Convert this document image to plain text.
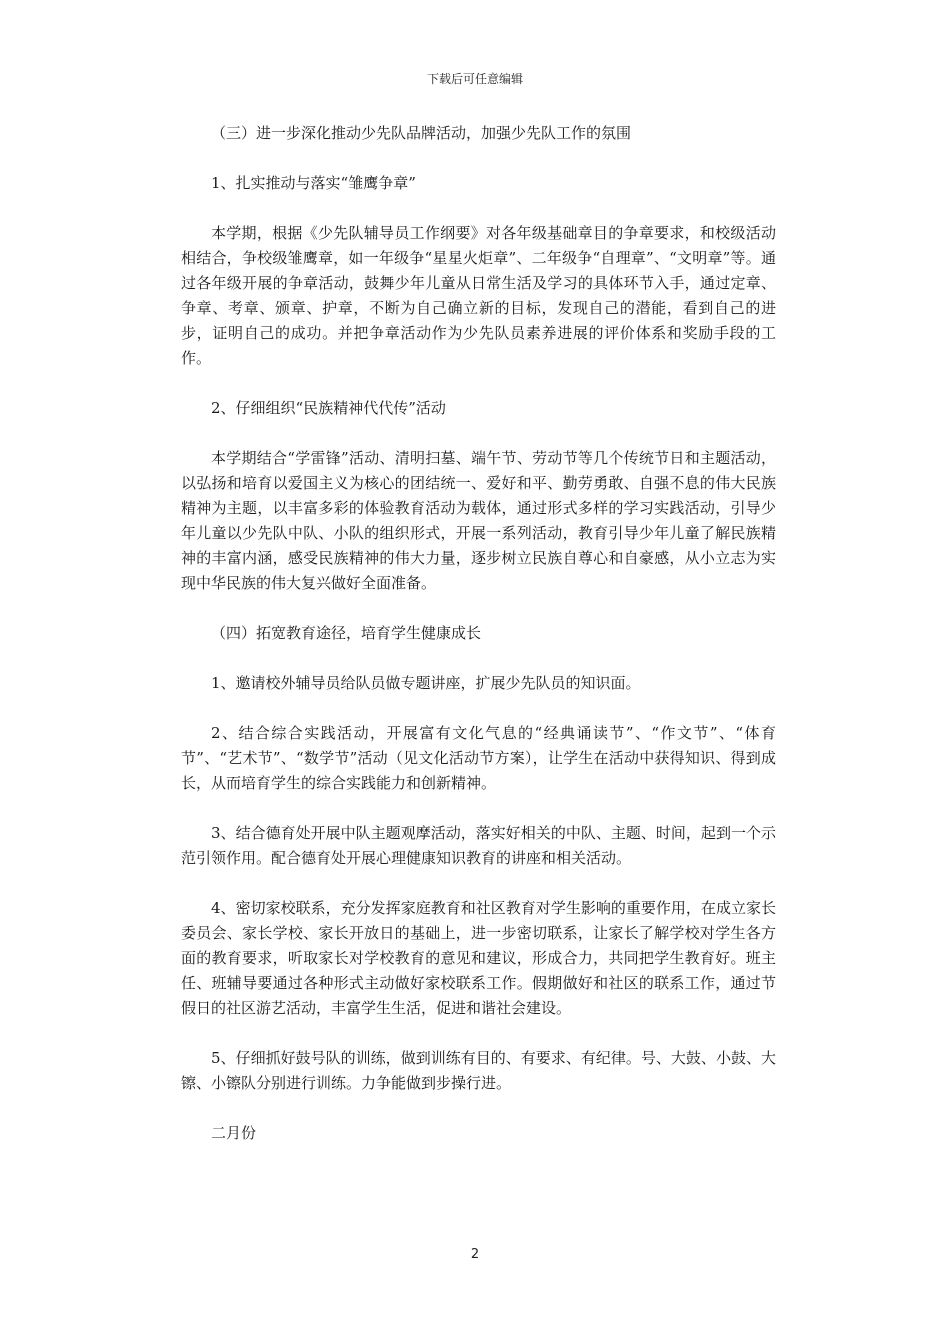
下载后可任意编辑

（三）进一步深化推动少先队品牌活动，加强少先队工作的氛围

1、扎实推动与落实“雏鹰争章”

本学期，根据《少先队辅导员工作纲要》对各年级基础章目的争章要求，和校级活动相结合，争校级雏鹰章，如一年级争“星星火炬章”、二年级争“自理章”、“文明章”等。通过各年级开展的争章活动，鼓舞少年儿童从日常生活及学习的具体环节入手，通过定章、争章、考章、颁章、护章，不断为自己确立新的目标，发现自己的潜能，看到自己的进步，证明自己的成功。并把争章活动作为少先队员素养进展的评价体系和奖励手段的工作。

2、仔细组织“民族精神代代传”活动

本学期结合“学雷锋”活动、清明扫墓、端午节、劳动节等几个传统节日和主题活动，以弘扬和培育以爱国主义为核心的团结统一、爱好和平、勤劳勇敢、自强不息的伟大民族精神为主题，以丰富多彩的体验教育活动为载体，通过形式多样的学习实践活动，引导少年儿童以少先队中队、小队的组织形式，开展一系列活动，教育引导少年儿童了解民族精神的丰富内涵，感受民族精神的伟大力量，逐步树立民族自尊心和自豪感，从小立志为实现中华民族的伟大复兴做好全面准备。

（四）拓宽教育途径，培育学生健康成长

1、邀请校外辅导员给队员做专题讲座，扩展少先队员的知识面。

2、结合综合实践活动，开展富有文化气息的“经典诵读节”、“作文节”、“体育节”、“艺术节”、“数学节”活动（见文化活动节方案），让学生在活动中获得知识、得到成长，从而培育学生的综合实践能力和创新精神。

3、结合德育处开展中队主题观摩活动，落实好相关的中队、主题、时间，起到一个示范引领作用。配合德育处开展心理健康知识教育的讲座和相关活动。

4、密切家校联系，充分发挥家庭教育和社区教育对学生影响的重要作用，在成立家长委员会、家长学校、家长开放日的基础上，进一步密切联系，让家长了解学校对学生各方面的教育要求，听取家长对学校教育的意见和建议，形成合力，共同把学生教育好。班主任、班辅导要通过各种形式主动做好家校联系工作。假期做好和社区的联系工作，通过节假日的社区游艺活动，丰富学生生活，促进和谐社会建设。

5、仔细抓好鼓号队的训练，做到训练有目的、有要求、有纪律。号、大鼓、小鼓、大镲、小镲队分别进行训练。力争能做到步操行进。

二月份

2
